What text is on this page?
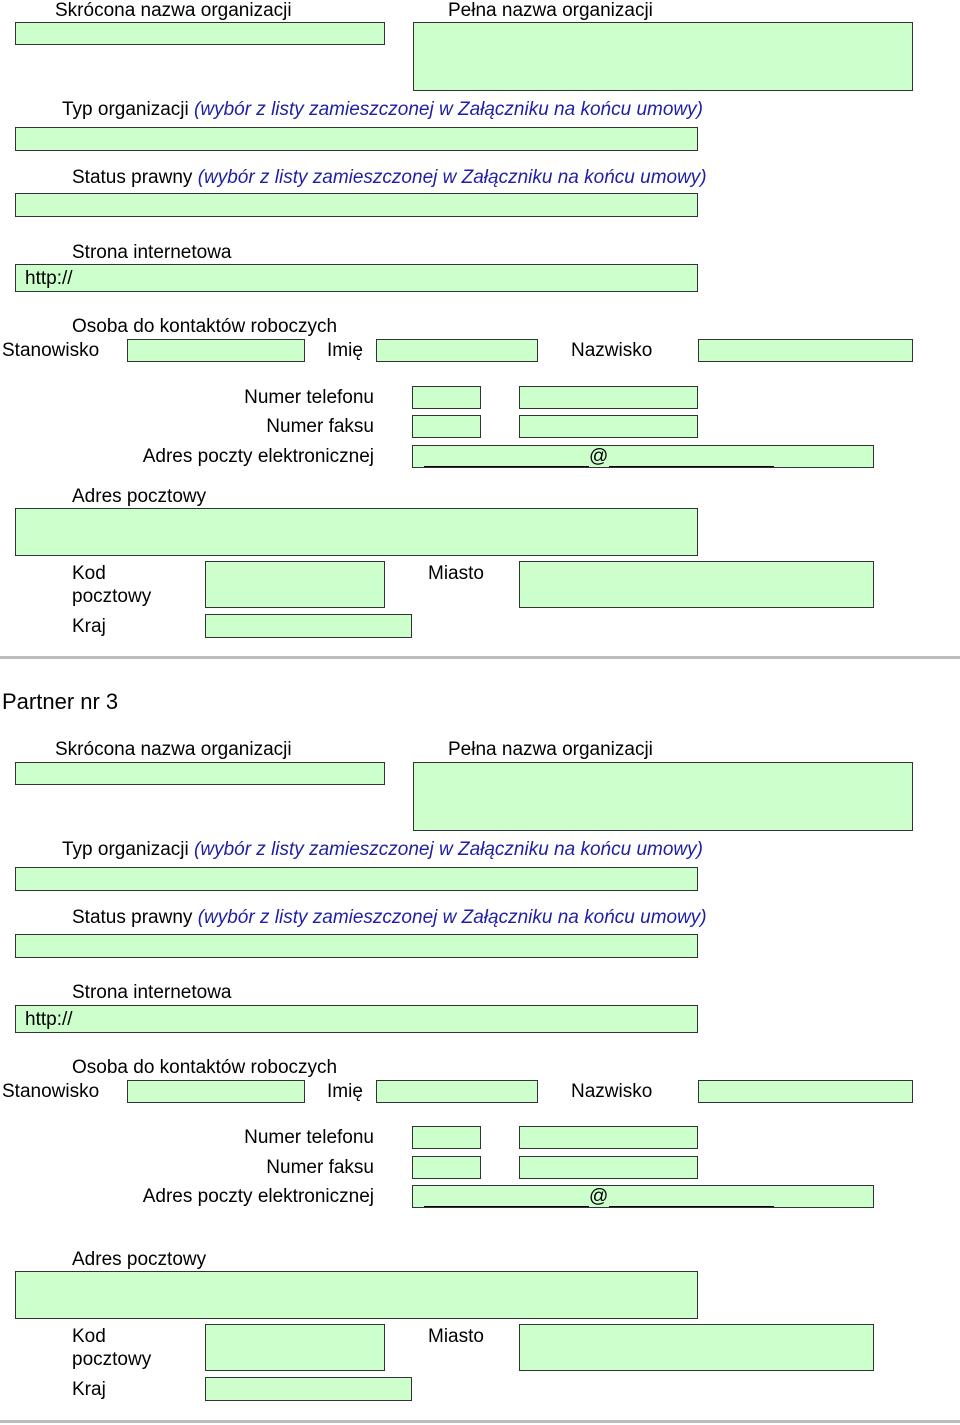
Skrócona nazwa organizacji	Pełna nazwa organizacji
Typ organizacji (wybór z listy zamieszczonej w Załączniku na końcu umowy)
Status prawny (wybór z listy zamieszczonej w Załączniku na końcu umowy)
Strona internetowa
http://
Osoba do kontaktów roboczych
Stanowisko	Imię	Nazwisko
Numer telefonu
Numer faksu
Adres poczty elektronicznej	@
Adres pocztowy
Kod
pocztowy
Miasto
Kraj
Partner nr 3
Skrócona nazwa organizacji	Pełna nazwa organizacji
Typ organizacji (wybór z listy zamieszczonej w Załączniku na końcu umowy)
Status prawny (wybór z listy zamieszczonej w Załączniku na końcu umowy)
Strona internetowa
http://
Osoba do kontaktów roboczych
Stanowisko	Imię	Nazwisko
Numer telefonu
Numer faksu
Adres poczty elektronicznej	@
Adres pocztowy
Kod
pocztowy
Miasto
Kraj
